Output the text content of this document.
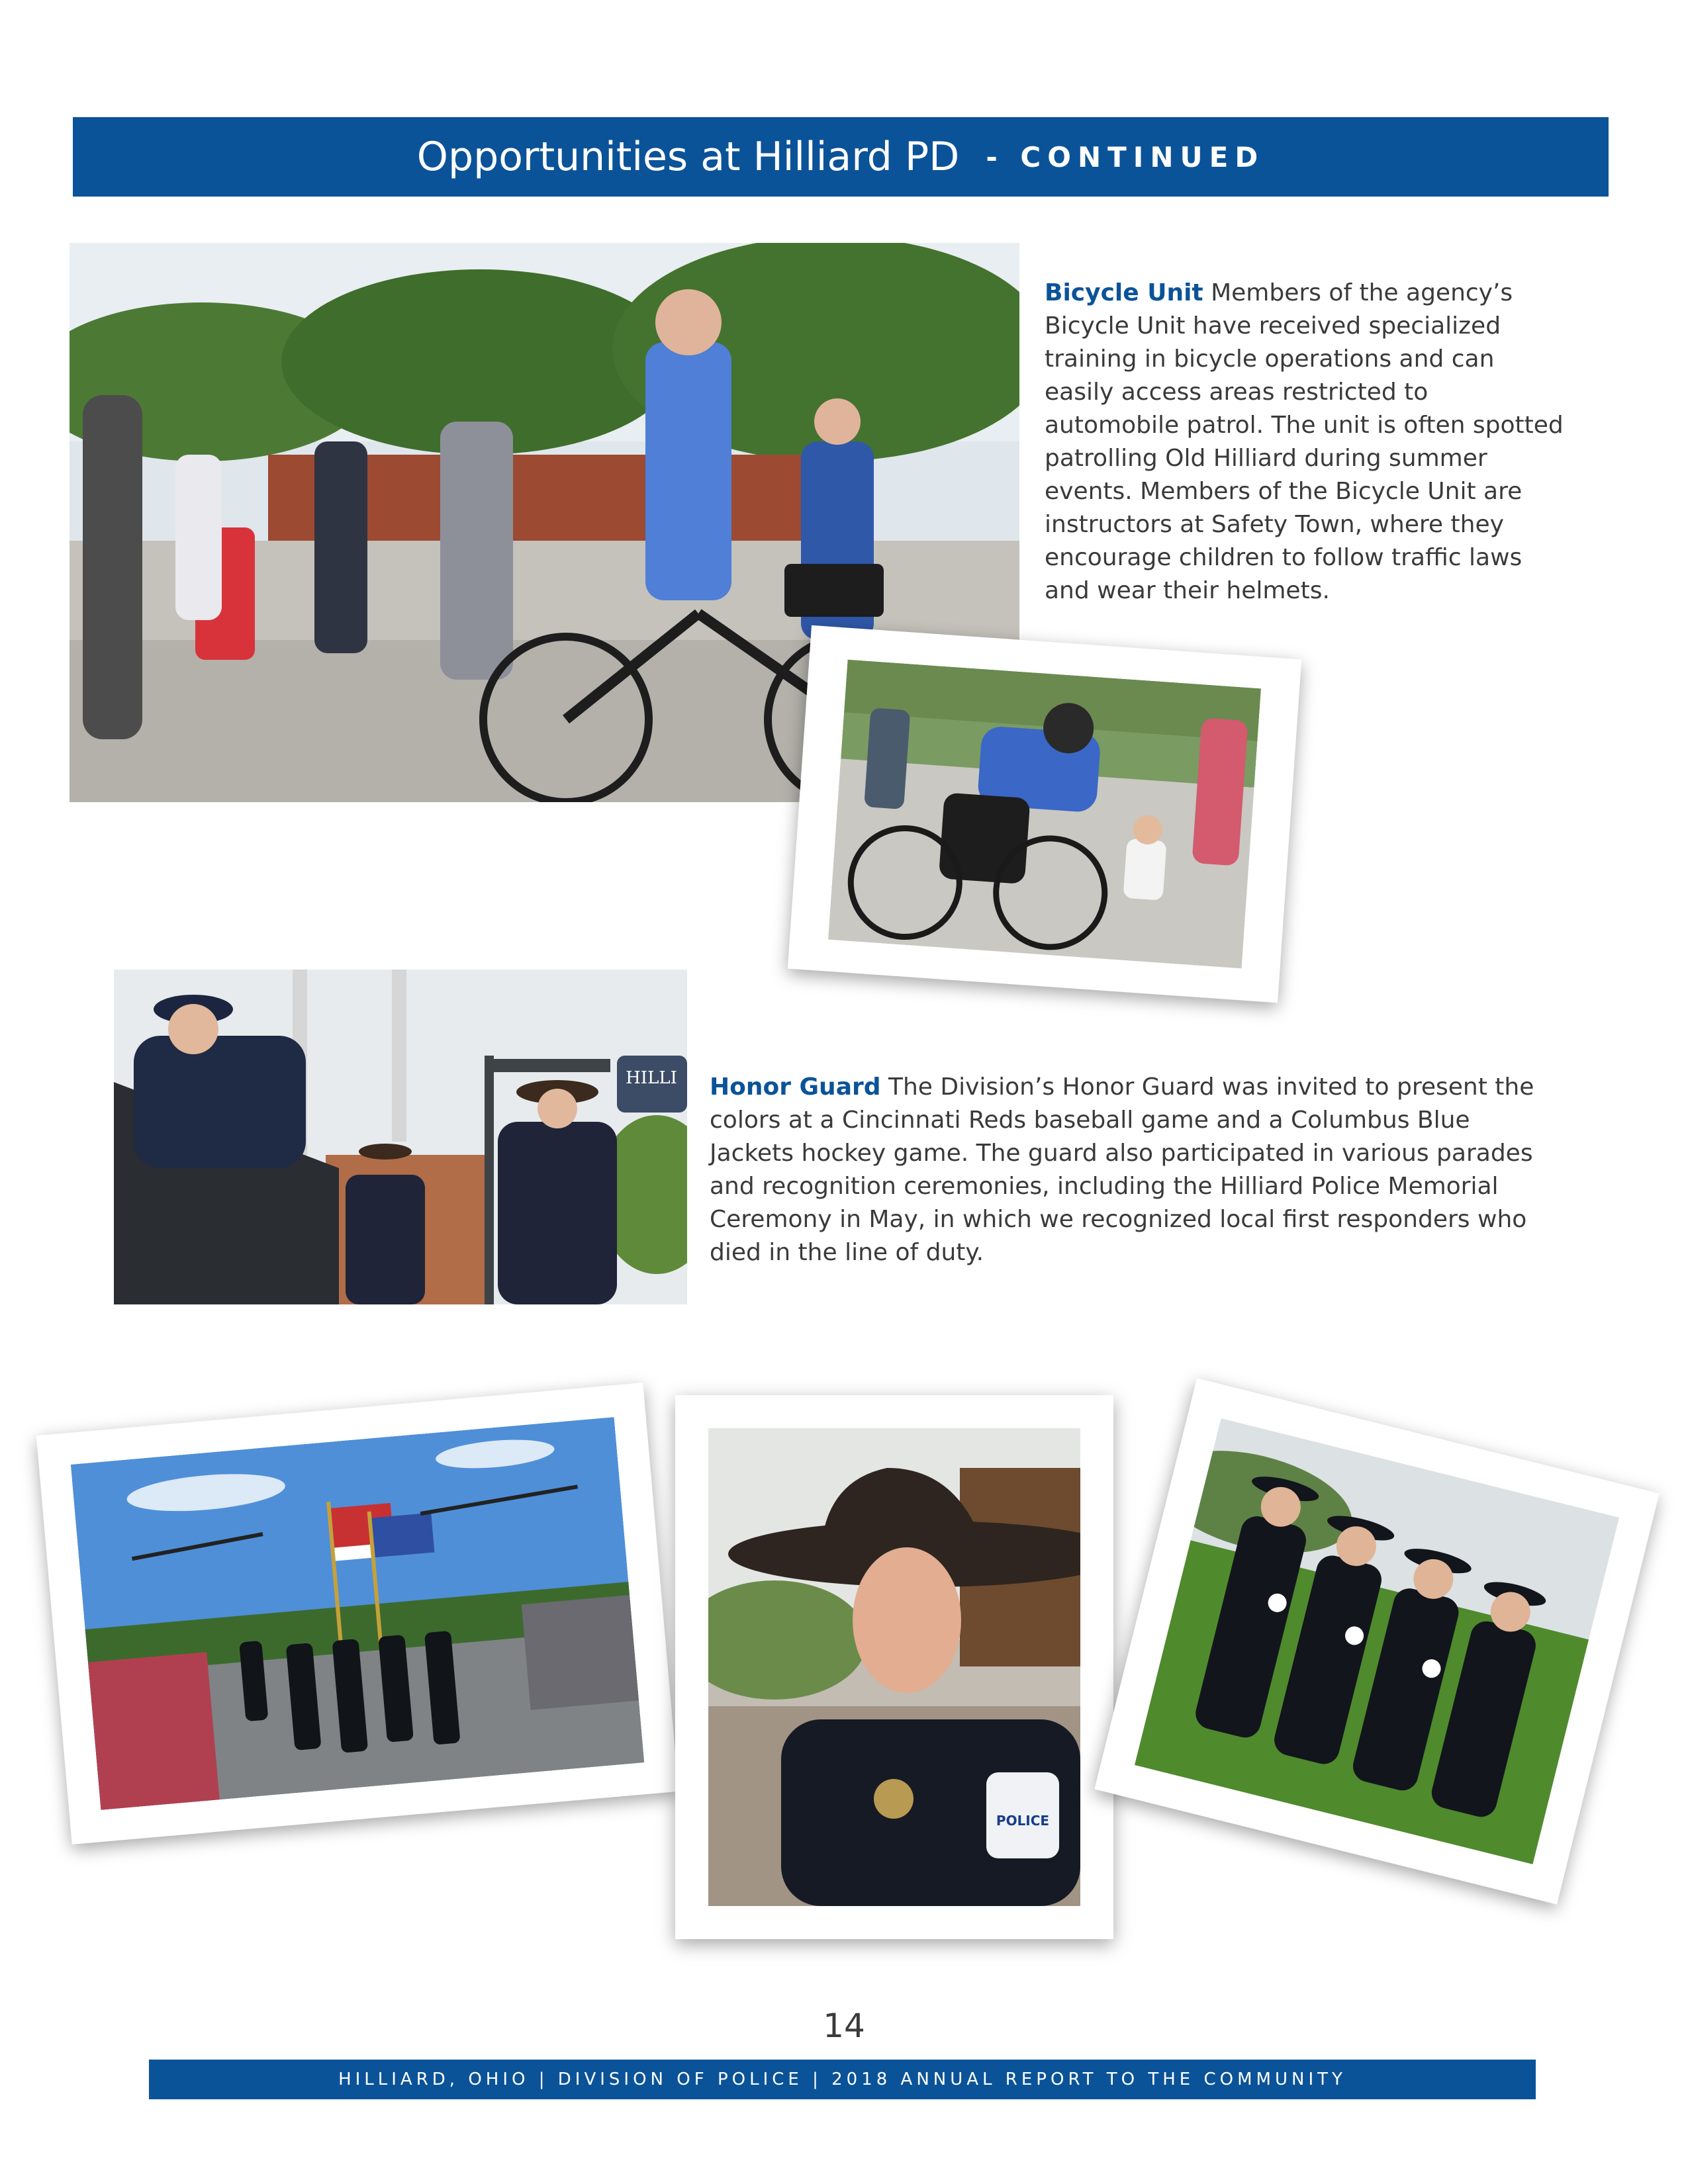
Opportunities at Hilliard PD - CONTINUED
Bicycle Unit Members of the agency’s Bicycle Unit have received specialized training in bicycle operations and can easily access areas restricted to automobile patrol. The unit is often spotted patrolling Old Hilliard during summer events. Members of the Bicycle Unit are instructors at Safety Town, where they encourage children to follow traffic laws and wear their helmets.
HILLI Honor Guard The Division’s Honor Guard was invited to present the colors at a Cincinnati Reds baseball game and a Columbus Blue Jackets hockey game. The guard also participated in various parades and recognition ceremonies, including the Hilliard Police Memorial Ceremony in May, in which we recognized local first responders who died in the line of duty.
POLICE
14
HILLIARD, OHIO | DIVISION OF POLICE | 2018 ANNUAL REPORT TO THE COMMUNITY
